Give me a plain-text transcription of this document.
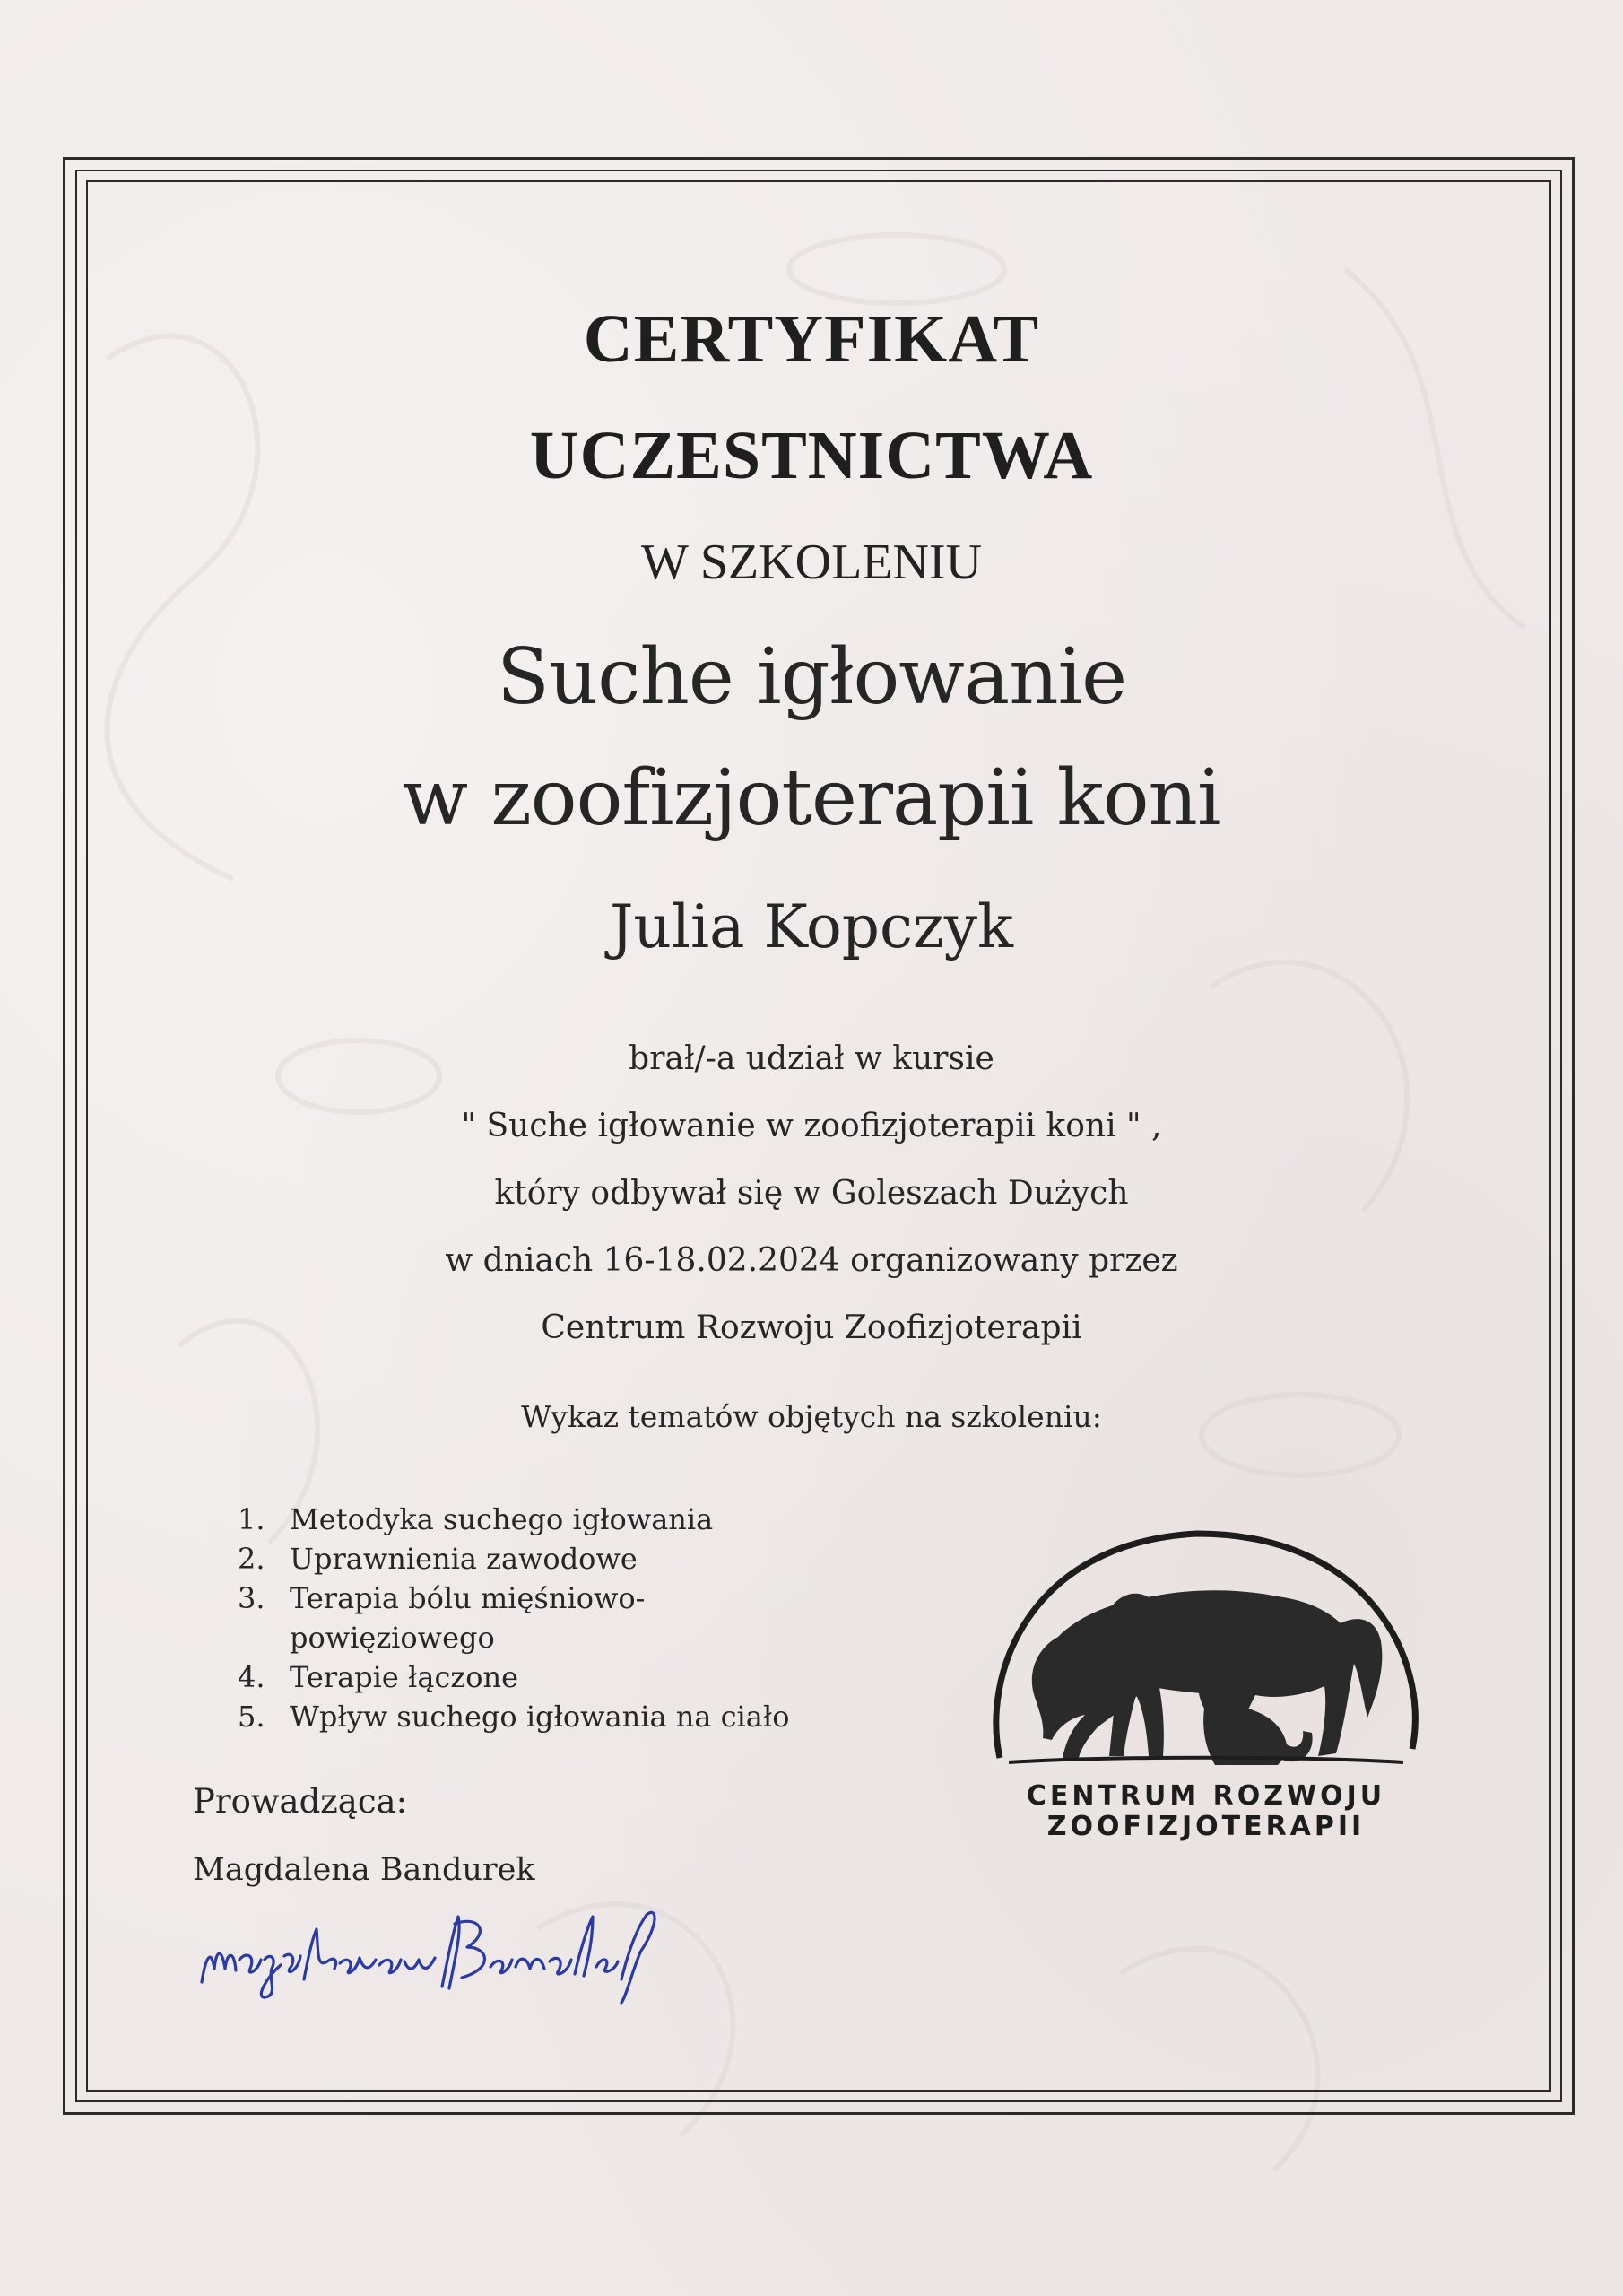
CERTYFIKAT
UCZESTNICTWA
W SZKOLENIU
Suche igłowanie
w zoofizjoterapii koni
Julia Kopczyk
brał/-a udział w kursie
" Suche igłowanie w zoofizjoterapii koni " ,
który odbywał się w Goleszach Dużych
w dniach 16-18.02.2024 organizowany przez
Centrum Rozwoju Zoofizjoterapii
Wykaz tematów objętych na szkoleniu:
1. Metodyka suchego igłowania
2. Uprawnienia zawodowe
3. Terapia bólu mięśniowo-powięziowego
4. Terapie łączone
5. Wpływ suchego igłowania na ciało
Prowadząca:
Magdalena Bandurek
CENTRUM ROZWOJU
ZOOFIZJOTERAPII
